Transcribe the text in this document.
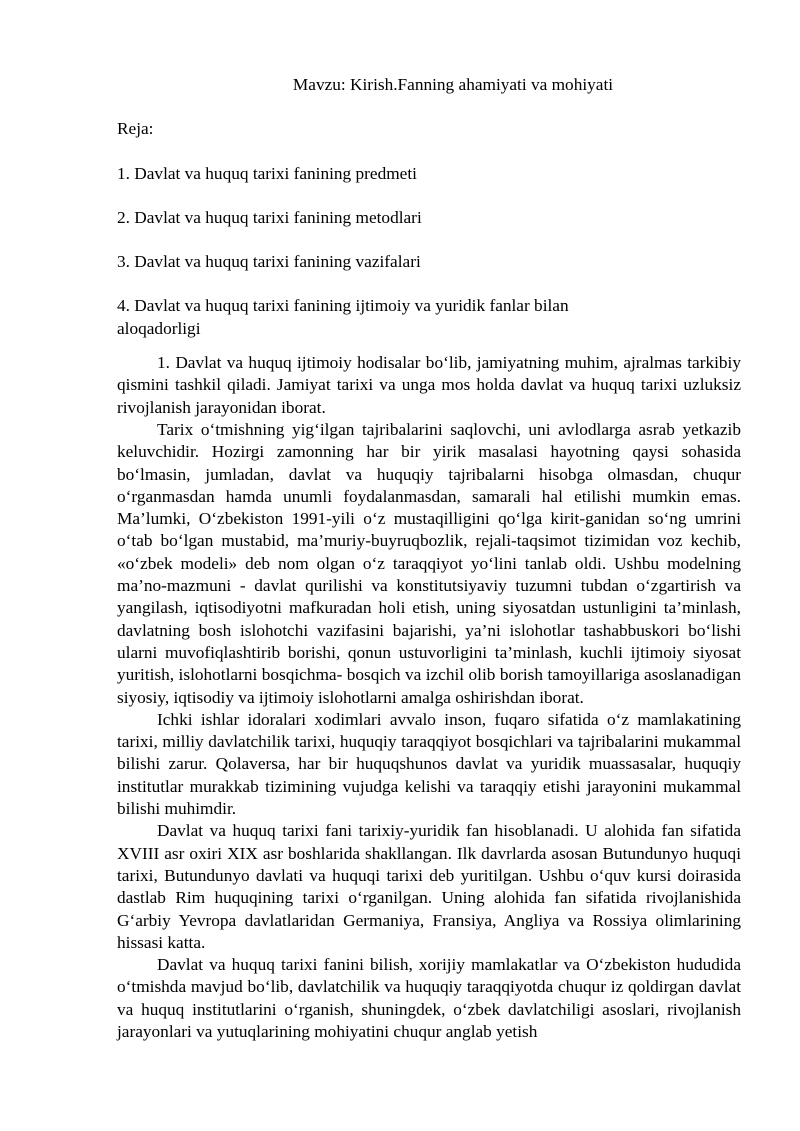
Mavzu: Kirish.Fanning ahamiyati va mohiyati

Reja:

1. Davlat va huquq tarixi fanining predmeti
2. Davlat va huquq tarixi fanining metodlari
3. Davlat va huquq tarixi fanining vazifalari
4. Davlat va huquq tarixi fanining ijtimoiy va yuridik fanlar bilan aloqadorligi

1. Davlat va huquq ijtimoiy hodisalar bo‘lib, jamiyatning muhim, ajralmas tarkibiy qismini tashkil qiladi. Jamiyat tarixi va unga mos holda davlat va huquq tarixi uzluksiz rivojlanish jarayonidan iborat.

Tarix o‘tmishning yig‘ilgan tajribalarini saqlovchi, uni avlodlarga asrab yetkazib keluvchidir. Hozirgi zamonning har bir yirik masalasi hayotning qaysi sohasida bo‘lmasin, jumladan, davlat va huquqiy tajribalarni hisobga olmasdan, chuqur o‘rganmasdan hamda unumli foydalanmasdan, samarali hal etilishi mumkin emas. Ma’lumki, O‘zbekiston 1991-yili o‘z mustaqilligini qo‘lga kirit-ganidan so‘ng umrini o‘tab bo‘lgan mustabid, ma’muriy-buyruqbozlik, rejali-taqsimot tizimidan voz kechib, «o‘zbek modeli» deb nom olgan o‘z taraqqiyot yo‘lini tanlab oldi. Ushbu modelning ma’no-mazmuni - davlat qurilishi va konstitutsiyaviy tuzumni tubdan o‘zgartirish va yangilash, iqtisodiyotni mafkuradan holi etish, uning siyosatdan ustunligini ta’minlash, davlatning bosh islohotchi vazifasini bajarishi, ya’ni islohotlar tashabbuskori bo‘lishi ularni muvofiqlashtirib borishi, qonun ustuvorligini ta’minlash, kuchli ijtimoiy siyosat yuritish, islohotlarni bosqichma- bosqich va izchil olib borish tamoyillariga asoslanadigan siyosiy, iqtisodiy va ijtimoiy islohotlarni amalga oshirishdan iborat.

Ichki ishlar idoralari xodimlari avvalo inson, fuqaro sifatida o‘z mamlakatining tarixi, milliy davlatchilik tarixi, huquqiy taraqqiyot bosqichlari va tajribalarini mukammal bilishi zarur. Qolaversa, har bir huquqshunos davlat va yuridik muassasalar, huquqiy institutlar murakkab tizimining vujudga kelishi va taraqqiy etishi jarayonini mukammal bilishi muhimdir.

Davlat va huquq tarixi fani tarixiy-yuridik fan hisoblanadi. U alohida fan sifatida XVIII asr oxiri XIX asr boshlarida shakllangan. Ilk davrlarda asosan Butundunyo huquqi tarixi, Butundunyo davlati va huquqi tarixi deb yuritilgan. Ushbu o‘quv kursi doirasida dastlab Rim huquqining tarixi o‘rganilgan. Uning alohida fan sifatida rivojlanishida G‘arbiy Yevropa davlatlaridan Germaniya, Fransiya, Angliya va Rossiya olimlarining hissasi katta.

Davlat va huquq tarixi fanini bilish, xorijiy mamlakatlar va O‘zbekiston hududida o‘tmishda mavjud bo‘lib, davlatchilik va huquqiy taraqqiyotda chuqur iz qoldirgan davlat va huquq institutlarini o‘rganish, shuningdek, o‘zbek davlatchiligi asoslari, rivojlanish jarayonlari va yutuqlarining mohiyatini chuqur anglab yetish
